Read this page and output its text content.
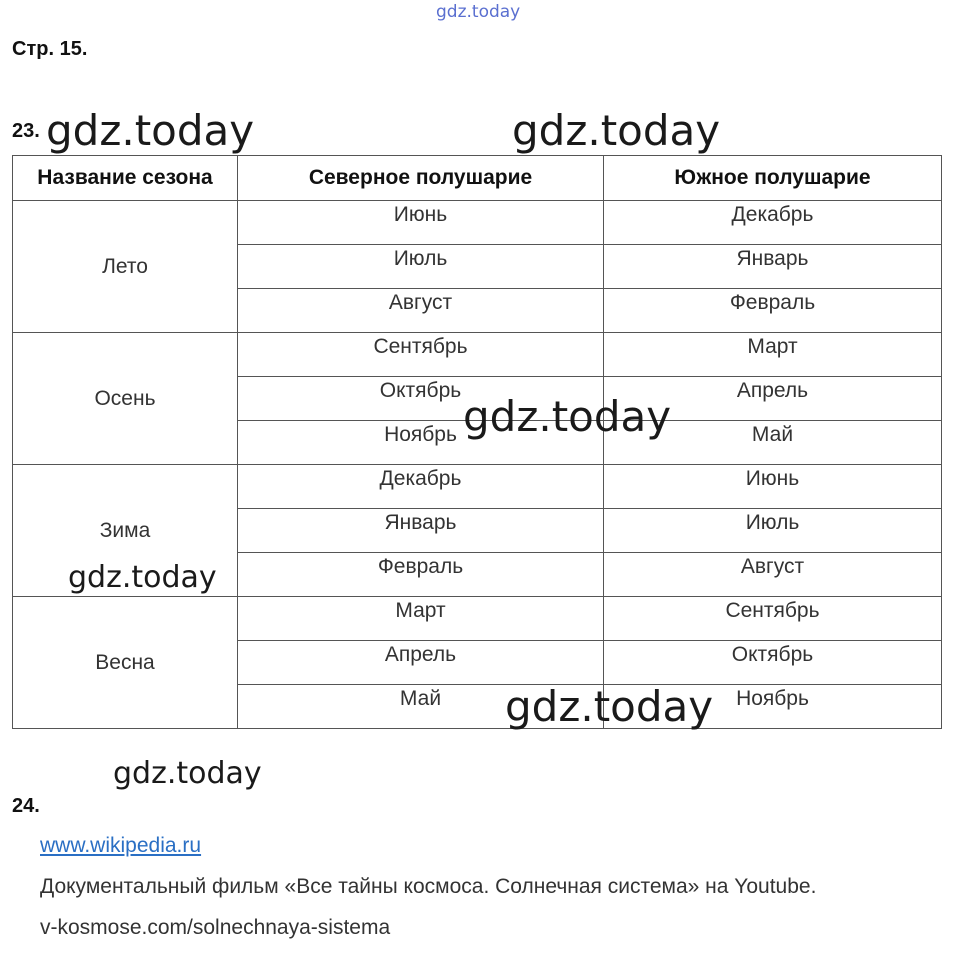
gdz.today
Стр. 15.
23.
Название сезона	Северное полушарие	Южное полушарие
Лето	Июнь	Декабрь
	Июль	Январь
	Август	Февраль
Осень	Сентябрь	Март
	Октябрь	Апрель
	Ноябрь	Май
Зима	Декабрь	Июнь
	Январь	Июль
	Февраль	Август
Весна	Март	Сентябрь
	Апрель	Октябрь
	Май	Ноябрь
24.
www.wikipedia.ru
Документальный фильм «Все тайны космоса. Солнечная система» на Youtube.
v-kosmose.com/solnechnaya-sistema
gdz.today	gdz.today
gdz.today
gdz.today
gdz.today
gdz.today
